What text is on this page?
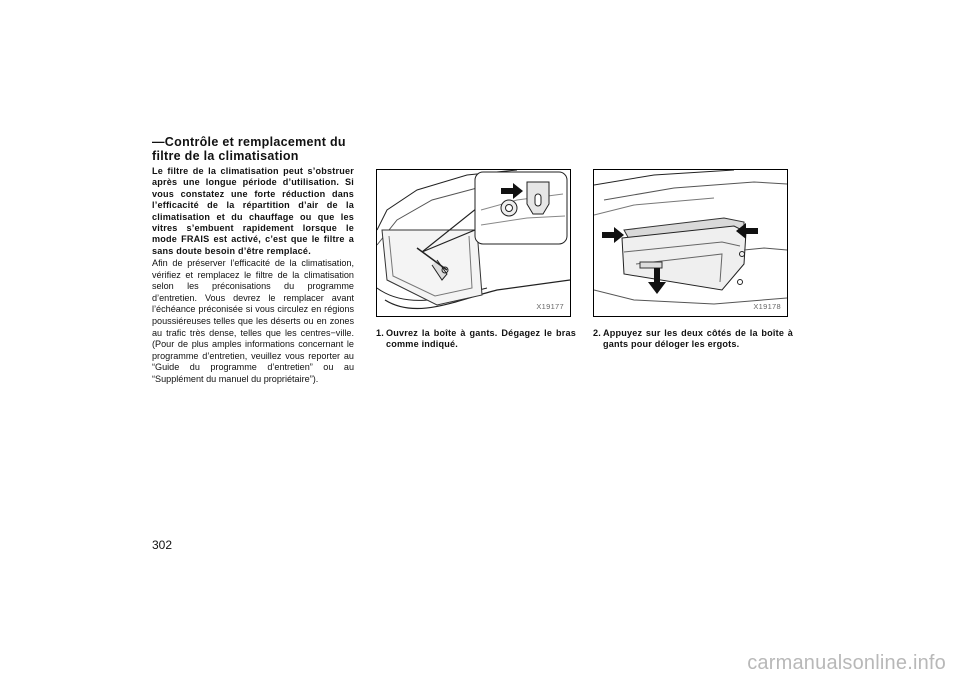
—Contrôle et remplacement du filtre de la climatisation

Le filtre de la climatisation peut s’obstruer après une longue période d’utilisation. Si vous constatez une forte réduction dans l’efficacité de la répartition d’air de la climatisation et du chauffage ou que les vitres s’embuent rapidement lorsque le mode FRAIS est activé, c’est que le filtre a sans doute besoin d’être remplacé.

Afin de préserver l’efficacité de la climatisation, vérifiez et remplacez le filtre de la climatisation selon les préconisations du programme d’entretien. Vous devrez le remplacer avant l’échéance préconisée si vous circulez en régions poussiéreuses telles que les déserts ou en zones au trafic très dense, telles que les centres−ville. (Pour de plus amples informations concernant le programme d’entretien, veuillez vous reporter au “Guide du programme d’entretien” ou au “Supplément du manuel du propriétaire”).

X19177	X19178

1. Ouvrez la boîte à gants. Dégagez le bras comme indiqué.

2. Appuyez sur les deux côtés de la boîte à gants pour déloger les ergots.

302

carmanualsonline.info
